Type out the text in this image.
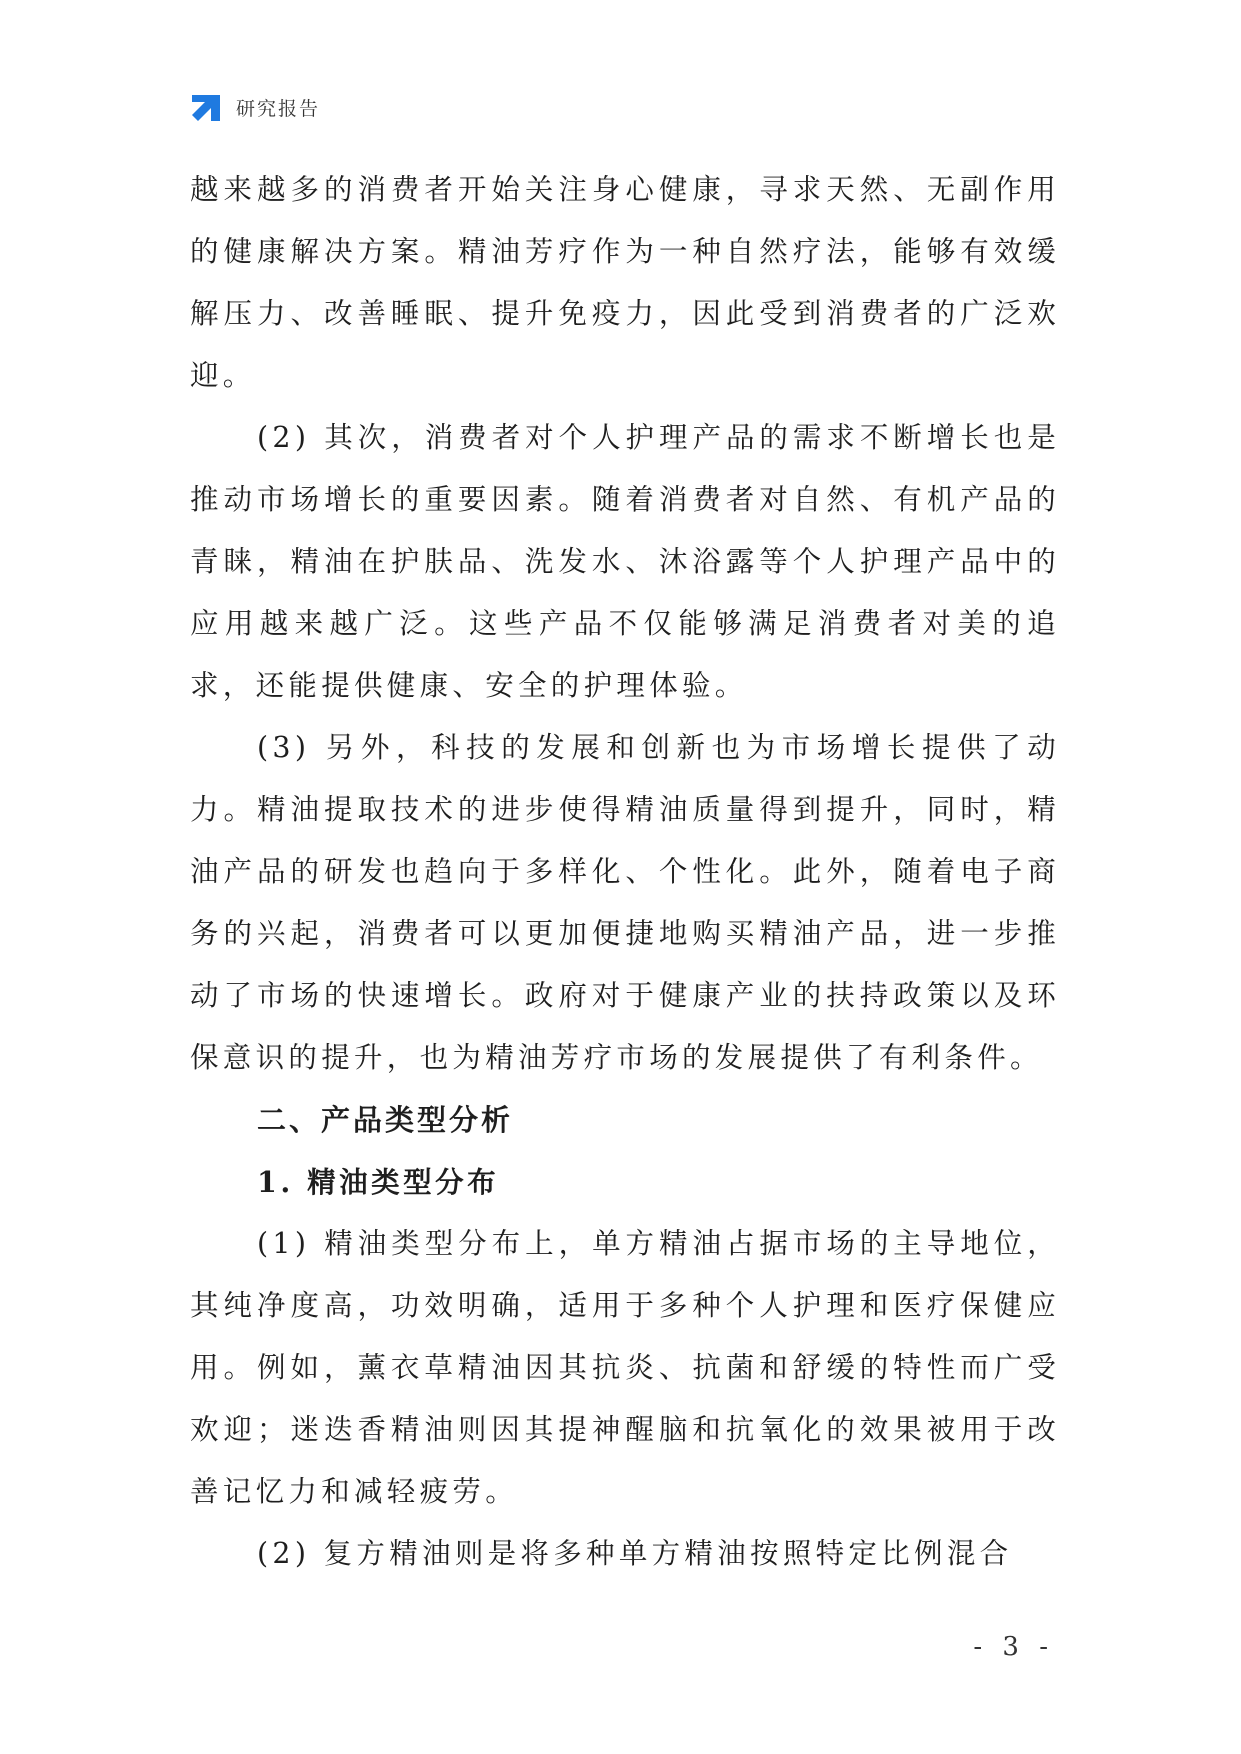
研究报告

越来越多的消费者开始关注身心健康，寻求天然、无副作用的健康解决方案。精油芳疗作为一种自然疗法，能够有效缓解压力、改善睡眠、提升免疫力，因此受到消费者的广泛欢迎。

(2) 其次，消费者对个人护理产品的需求不断增长也是推动市场增长的重要因素。随着消费者对自然、有机产品的青睐，精油在护肤品、洗发水、沐浴露等个人护理产品中的应用越来越广泛。这些产品不仅能够满足消费者对美的追求，还能提供健康、安全的护理体验。

(3) 另外，科技的发展和创新也为市场增长提供了动力。精油提取技术的进步使得精油质量得到提升，同时，精油产品的研发也趋向于多样化、个性化。此外，随着电子商务的兴起，消费者可以更加便捷地购买精油产品，进一步推动了市场的快速增长。政府对于健康产业的扶持政策以及环保意识的提升，也为精油芳疗市场的发展提供了有利条件。

二、产品类型分析
1. 精油类型分布

(1) 精油类型分布上，单方精油占据市场的主导地位，其纯净度高，功效明确，适用于多种个人护理和医疗保健应用。例如，薰衣草精油因其抗炎、抗菌和舒缓的特性而广受欢迎；迷迭香精油则因其提神醒脑和抗氧化的效果被用于改善记忆力和减轻疲劳。

(2) 复方精油则是将多种单方精油按照特定比例混合

- 3 -
